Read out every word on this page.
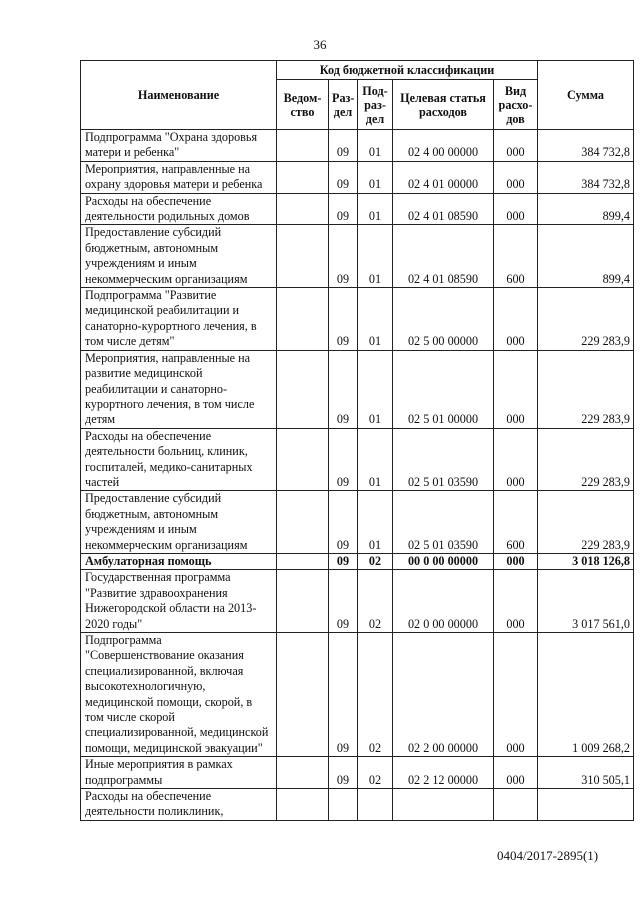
36
Наименование	Код бюджетной классификации					Сумма
	Ведом-ство	Раз-дел	Под-раз-дел	Целевая статья расходов	Вид расхо-дов	
Подпрограмма "Охрана здоровья матери и ребенка"		09	01	02 4 00 00000	000	384 732,8
Мероприятия, направленные на охрану здоровья матери и ребенка		09	01	02 4 01 00000	000	384 732,8
Расходы на обеспечение деятельности родильных домов		09	01	02 4 01 08590	000	899,4
Предоставление субсидий бюджетным, автономным учреждениям и иным некоммерческим организациям		09	01	02 4 01 08590	600	899,4
Подпрограмма "Развитие медицинской реабилитации и санаторно-курортного лечения, в том числе детям"		09	01	02 5 00 00000	000	229 283,9
Мероприятия, направленные на развитие медицинской реабилитации и санаторно-курортного лечения, в том числе детям		09	01	02 5 01 00000	000	229 283,9
Расходы на обеспечение деятельности больниц, клиник, госпиталей, медико-санитарных частей		09	01	02 5 01 03590	000	229 283,9
Предоставление субсидий бюджетным, автономным учреждениям и иным некоммерческим организациям		09	01	02 5 01 03590	600	229 283,9
Амбулаторная помощь		09	02	00 0 00 00000	000	3 018 126,8
Государственная программа "Развитие здравоохранения Нижегородской области на 2013-2020 годы"		09	02	02 0 00 00000	000	3 017 561,0
Подпрограмма "Совершенствование оказания специализированной, включая высокотехнологичную, медицинской помощи, скорой, в том числе скорой специализированной, медицинской помощи, медицинской эвакуации"		09	02	02 2 00 00000	000	1 009 268,2
Иные мероприятия в рамках подпрограммы		09	02	02 2 12 00000	000	310 505,1
Расходы на обеспечение деятельности поликлиник,						
0404/2017-2895(1)
